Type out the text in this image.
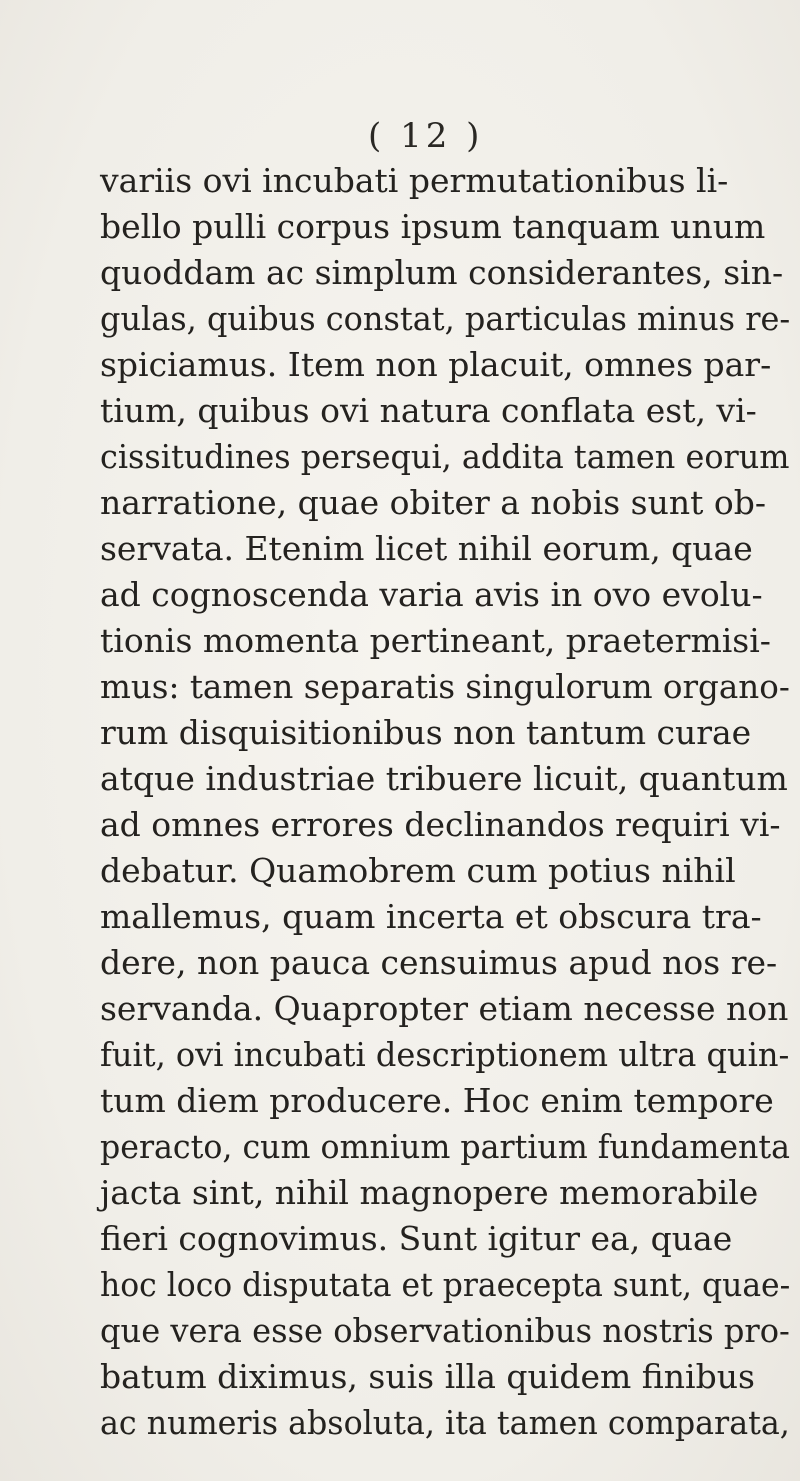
( 12 )
variis ovi incubati permutationibus li-
bello pulli corpus ipsum tanquam unum
quoddam ac simplum considerantes, sin-
gulas, quibus constat, particulas minus re-
spiciamus. Item non placuit, omnes par-
tium, quibus ovi natura conflata est, vi-
cissitudines persequi, addita tamen eorum
narratione, quae obiter a nobis sunt ob-
servata. Etenim licet nihil eorum, quae
ad cognoscenda varia avis in ovo evolu-
tionis momenta pertineant, praetermisi-
mus: tamen separatis singulorum organo-
rum disquisitionibus non tantum curae
atque industriae tribuere licuit, quantum
ad omnes errores declinandos requiri vi-
debatur. Quamobrem cum potius nihil
mallemus, quam incerta et obscura tra-
dere, non pauca censuimus apud nos re-
servanda. Quapropter etiam necesse non
fuit, ovi incubati descriptionem ultra quin-
tum diem producere. Hoc enim tempore
peracto, cum omnium partium fundamenta
jacta sint, nihil magnopere memorabile
fieri cognovimus. Sunt igitur ea, quae
hoc loco disputata et praecepta sunt, quae-
que vera esse observationibus nostris pro-
batum diximus, suis illa quidem finibus
ac numeris absoluta, ita tamen comparata,
